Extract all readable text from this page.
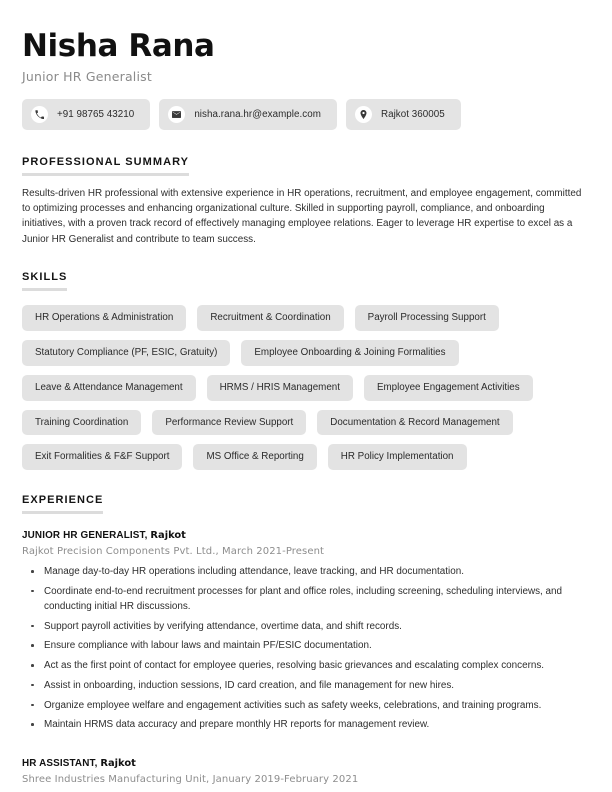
Nisha Rana
Junior HR Generalist
+91 98765 43210	nisha.rana.hr@example.com	Rajkot 360005
PROFESSIONAL SUMMARY

Results-driven HR professional with extensive experience in HR operations, recruitment, and employee engagement, committed to optimizing processes and enhancing organizational culture. Skilled in supporting payroll, compliance, and onboarding initiatives, with a proven track record of effectively managing employee relations. Eager to leverage HR expertise to excel as a Junior HR Generalist and contribute to team success.

SKILLS
HR Operations & Administration	Recruitment & Coordination	Payroll Processing Support
Statutory Compliance (PF, ESIC, Gratuity)	Employee Onboarding & Joining Formalities
Leave & Attendance Management	HRMS / HRIS Management	Employee Engagement Activities
Training Coordination	Performance Review Support	Documentation & Record Management
Exit Formalities & F&F Support	MS Office & Reporting	HR Policy Implementation
EXPERIENCE
JUNIOR HR GENERALIST, Rajkot
Rajkot Precision Components Pvt. Ltd., March 2021-Present
Manage day-to-day HR operations including attendance, leave tracking, and HR documentation.
Coordinate end-to-end recruitment processes for plant and office roles, including screening, scheduling interviews, and conducting initial HR discussions.
Support payroll activities by verifying attendance, overtime data, and shift records.
Ensure compliance with labour laws and maintain PF/ESIC documentation.
Act as the first point of contact for employee queries, resolving basic grievances and escalating complex concerns.
Assist in onboarding, induction sessions, ID card creation, and file management for new hires.
Organize employee welfare and engagement activities such as safety weeks, celebrations, and training programs.
Maintain HRMS data accuracy and prepare monthly HR reports for management review.
HR ASSISTANT, Rajkot
Shree Industries Manufacturing Unit, January 2019-February 2021
